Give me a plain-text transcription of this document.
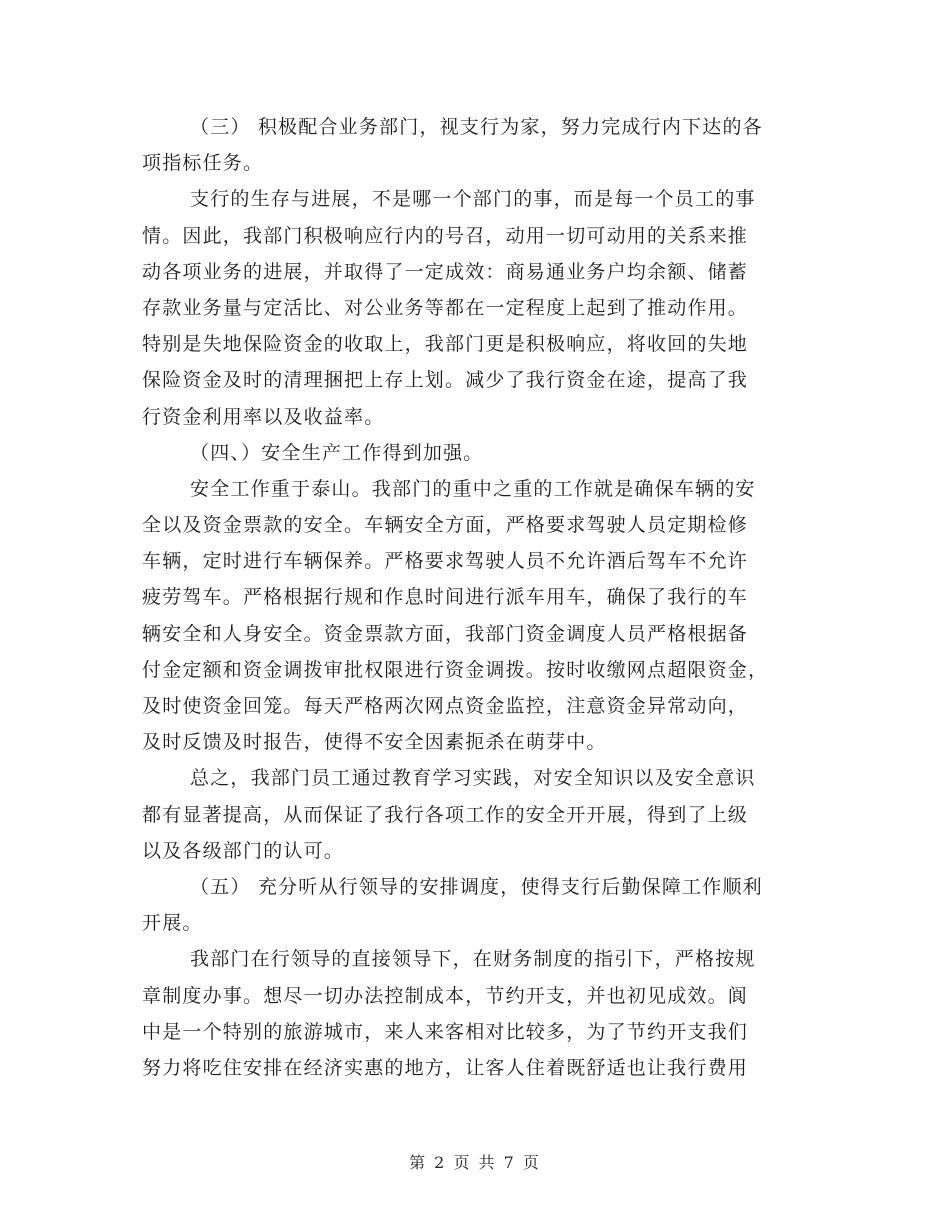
（三） 积极配合业务部门，视支行为家，努力完成行内下达的各
项指标任务。
支行的生存与进展，不是哪一个部门的事，而是每一个员工的事
情。因此，我部门积极响应行内的号召，动用一切可动用的关系来推
动各项业务的进展，并取得了一定成效：商易通业务户均余额、储蓄
存款业务量与定活比、对公业务等都在一定程度上起到了推动作用。
特别是失地保险资金的收取上，我部门更是积极响应，将收回的失地
保险资金及时的清理捆把上存上划。减少了我行资金在途，提高了我
行资金利用率以及收益率。
（四、）安全生产工作得到加强。
安全工作重于泰山。我部门的重中之重的工作就是确保车辆的安
全以及资金票款的安全。车辆安全方面，严格要求驾驶人员定期检修
车辆，定时进行车辆保养。严格要求驾驶人员不允许酒后驾车不允许
疲劳驾车。严格根据行规和作息时间进行派车用车，确保了我行的车
辆安全和人身安全。资金票款方面，我部门资金调度人员严格根据备
付金定额和资金调拨审批权限进行资金调拨。按时收缴网点超限资金，
及时使资金回笼。每天严格两次网点资金监控，注意资金异常动向，
及时反馈及时报告，使得不安全因素扼杀在萌芽中。
总之，我部门员工通过教育学习实践，对安全知识以及安全意识
都有显著提高，从而保证了我行各项工作的安全开开展，得到了上级
以及各级部门的认可。
（五） 充分听从行领导的安排调度，使得支行后勤保障工作顺利
开展。
我部门在行领导的直接领导下，在财务制度的指引下，严格按规
章制度办事。想尽一切办法控制成本，节约开支，并也初见成效。阆
中是一个特别的旅游城市，来人来客相对比较多，为了节约开支我们
努力将吃住安排在经济实惠的地方，让客人住着既舒适也让我行费用
第 2 页 共 7 页
